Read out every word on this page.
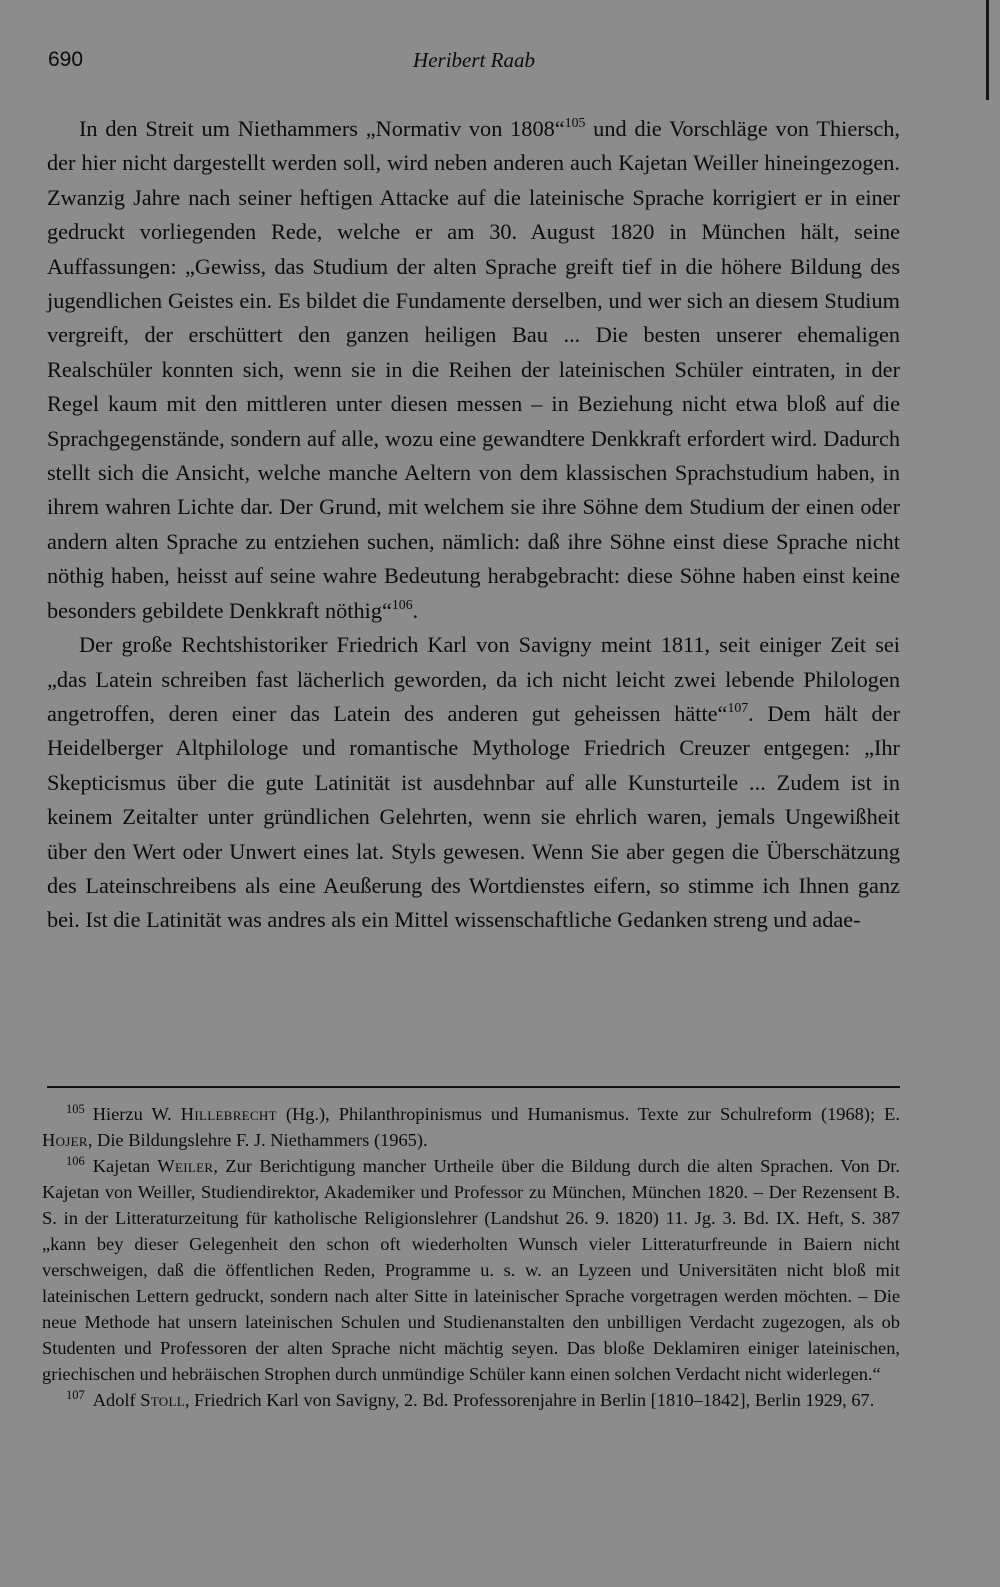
690	Heribert Raab

In den Streit um Niethammers „Normativ von 1808“$^{105}$ und die Vorschläge von Thiersch, der hier nicht dargestellt werden soll, wird neben anderen auch Kajetan Weiller hineingezogen. Zwanzig Jahre nach seiner heftigen Attacke auf die lateinische Sprache korrigiert er in einer gedruckt vorliegenden Rede, welche er am 30. August 1820 in München hält, seine Auffassungen: „Gewiss, das Studium der alten Sprache greift tief in die höhere Bildung des jugendlichen Geistes ein. Es bildet die Fundamente derselben, und wer sich an diesem Studium vergreift, der erschüttert den ganzen heiligen Bau ... Die besten unserer ehemaligen Realschüler konnten sich, wenn sie in die Reihen der lateinischen Schüler eintraten, in der Regel kaum mit den mittleren unter diesen messen – in Beziehung nicht etwa bloß auf die Sprachgegenstände, sondern auf alle, wozu eine gewandtere Denkkraft erfordert wird. Dadurch stellt sich die Ansicht, welche manche Aeltern von dem klassischen Sprachstudium haben, in ihrem wahren Lichte dar. Der Grund, mit welchem sie ihre Söhne dem Studium der einen oder andern alten Sprache zu entziehen suchen, nämlich: daß ihre Söhne einst diese Sprache nicht nöthig haben, heisst auf seine wahre Bedeutung herabgebracht: diese Söhne haben einst keine besonders gebildete Denkkraft nöthig“$^{106}$.

Der große Rechtshistoriker Friedrich Karl von Savigny meint 1811, seit einiger Zeit sei „das Latein schreiben fast lächerlich geworden, da ich nicht leicht zwei lebende Philologen angetroffen, deren einer das Latein des anderen gut geheissen hätte“$^{107}$. Dem hält der Heidelberger Altphilologe und romantische Mythologe Friedrich Creuzer entgegen: „Ihr Skepticismus über die gute Latinität ist ausdehnbar auf alle Kunsturteile ... Zudem ist in keinem Zeitalter unter gründlichen Gelehrten, wenn sie ehrlich waren, jemals Ungewißheit über den Wert oder Unwert eines lat. Styls gewesen. Wenn Sie aber gegen die Überschätzung des Lateinschreibens als eine Aeußerung des Wortdienstes eifern, so stimme ich Ihnen ganz bei. Ist die Latinität was andres als ein Mittel wissenschaftliche Gedanken streng und adae-

$^{105}$ Hierzu W. Hillebrecht (Hg.), Philanthropinismus und Humanismus. Texte zur Schulreform (1968); E. Hojer, Die Bildungslehre F. J. Niethammers (1965).

$^{106}$ Kajetan Weiler, Zur Berichtigung mancher Urtheile über die Bildung durch die alten Sprachen. Von Dr. Kajetan von Weiller, Studiendirektor, Akademiker und Professor zu München, München 1820. – Der Rezensent B. S. in der Litteraturzeitung für katholische Religionslehrer (Landshut 26. 9. 1820) 11. Jg. 3. Bd. IX. Heft, S. 387 „kann bey dieser Gelegenheit den schon oft wiederholten Wunsch vieler Litteraturfreunde in Baiern nicht verschweigen, daß die öffentlichen Reden, Programme u. s. w. an Lyzeen und Universitäten nicht bloß mit lateinischen Lettern gedruckt, sondern nach alter Sitte in lateinischer Sprache vorgetragen werden möchten. – Die neue Methode hat unsern lateinischen Schulen und Studienanstalten den unbilligen Verdacht zugezogen, als ob Studenten und Professoren der alten Sprache nicht mächtig seyen. Das bloße Deklamiren einiger lateinischen, griechischen und hebräischen Strophen durch unmündige Schüler kann einen solchen Verdacht nicht widerlegen.“

$^{107}$ Adolf Stoll, Friedrich Karl von Savigny, 2. Bd. Professorenjahre in Berlin [1810–1842], Berlin 1929, 67.
